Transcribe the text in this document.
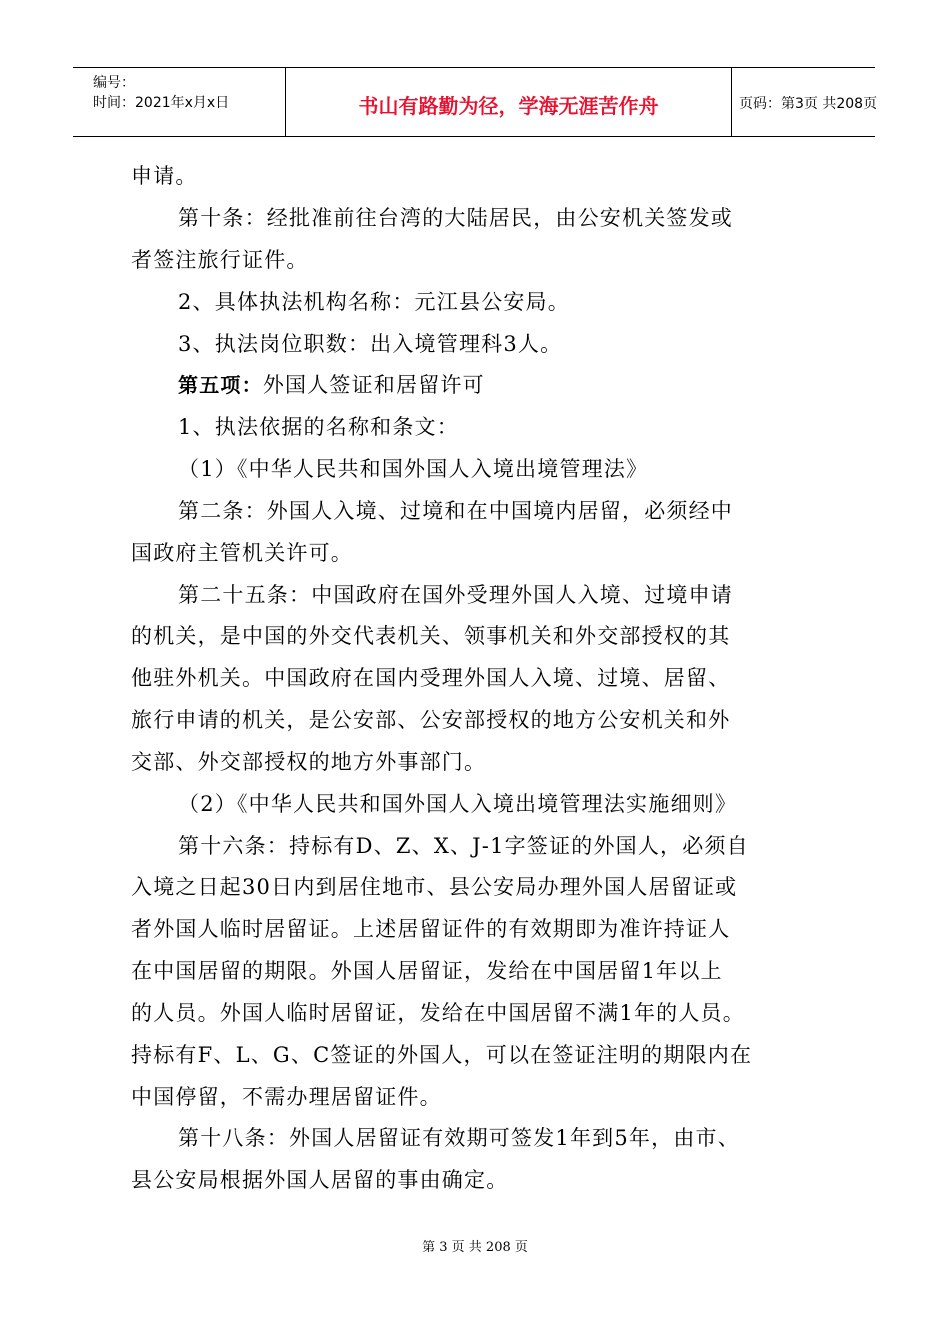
编号：
时间：2021年x月x日	书山有路勤为径，学海无涯苦作舟	页码：第3页 共208页
申请。
第十条：经批准前往台湾的大陆居民，由公安机关签发或
者签注旅行证件。
2、具体执法机构名称：元江县公安局。
3、执法岗位职数：出入境管理科3人。
第五项：外国人签证和居留许可
1、执法依据的名称和条文：
（1）《中华人民共和国外国人入境出境管理法》
第二条：外国人入境、过境和在中国境内居留，必须经中
国政府主管机关许可。
第二十五条：中国政府在国外受理外国人入境、过境申请
的机关，是中国的外交代表机关、领事机关和外交部授权的其
他驻外机关。中国政府在国内受理外国人入境、过境、居留、
旅行申请的机关，是公安部、公安部授权的地方公安机关和外
交部、外交部授权的地方外事部门。
（2）《中华人民共和国外国人入境出境管理法实施细则》
第十六条：持标有D、Z、X、J-1字签证的外国人，必须自
入境之日起30日内到居住地市、县公安局办理外国人居留证或
者外国人临时居留证。上述居留证件的有效期即为准许持证人
在中国居留的期限。外国人居留证，发给在中国居留1年以上
的人员。外国人临时居留证，发给在中国居留不满1年的人员。
持标有F、L、G、C签证的外国人，可以在签证注明的期限内在
中国停留，不需办理居留证件。
第十八条：外国人居留证有效期可签发1年到5年，由市、
县公安局根据外国人居留的事由确定。
第 3 页 共 208 页
